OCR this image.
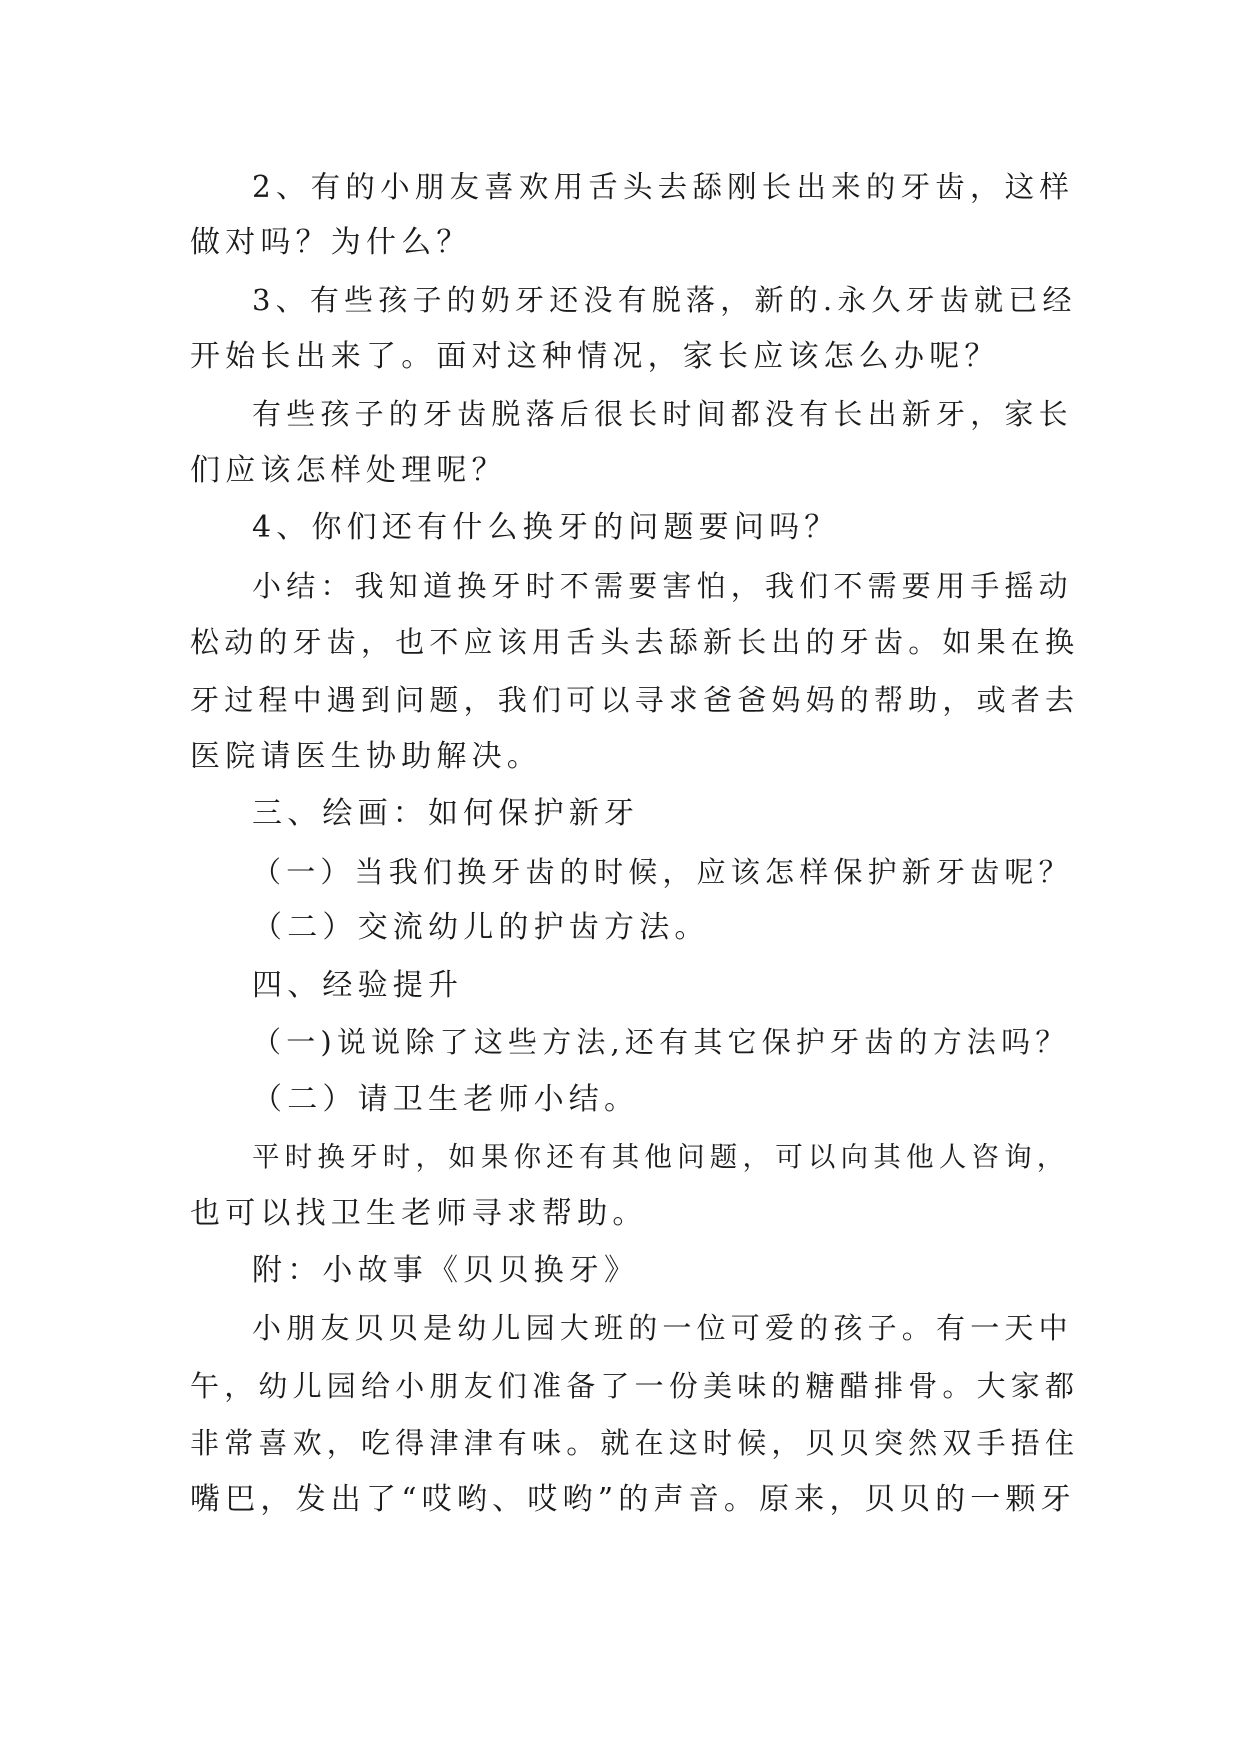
2、有的小朋友喜欢用舌头去舔刚长出来的牙齿，这样
做对吗？为什么？
3、有些孩子的奶牙还没有脱落，新的.永久牙齿就已经
开始长出来了。面对这种情况，家长应该怎么办呢？
有些孩子的牙齿脱落后很长时间都没有长出新牙，家长
们应该怎样处理呢？
4、你们还有什么换牙的问题要问吗？
小结：我知道换牙时不需要害怕，我们不需要用手摇动
松动的牙齿，也不应该用舌头去舔新长出的牙齿。如果在换
牙过程中遇到问题，我们可以寻求爸爸妈妈的帮助，或者去
医院请医生协助解决。
三、绘画：如何保护新牙
（一）当我们换牙齿的时候，应该怎样保护新牙齿呢？
（二）交流幼儿的护齿方法。
四、经验提升
（一)说说除了这些方法,还有其它保护牙齿的方法吗？
（二）请卫生老师小结。
平时换牙时，如果你还有其他问题，可以向其他人咨询，
也可以找卫生老师寻求帮助。
附：小故事《贝贝换牙》
小朋友贝贝是幼儿园大班的一位可爱的孩子。有一天中
午，幼儿园给小朋友们准备了一份美味的糖醋排骨。大家都
非常喜欢，吃得津津有味。就在这时候，贝贝突然双手捂住
嘴巴，发出了“哎哟、哎哟”的声音。原来，贝贝的一颗牙
